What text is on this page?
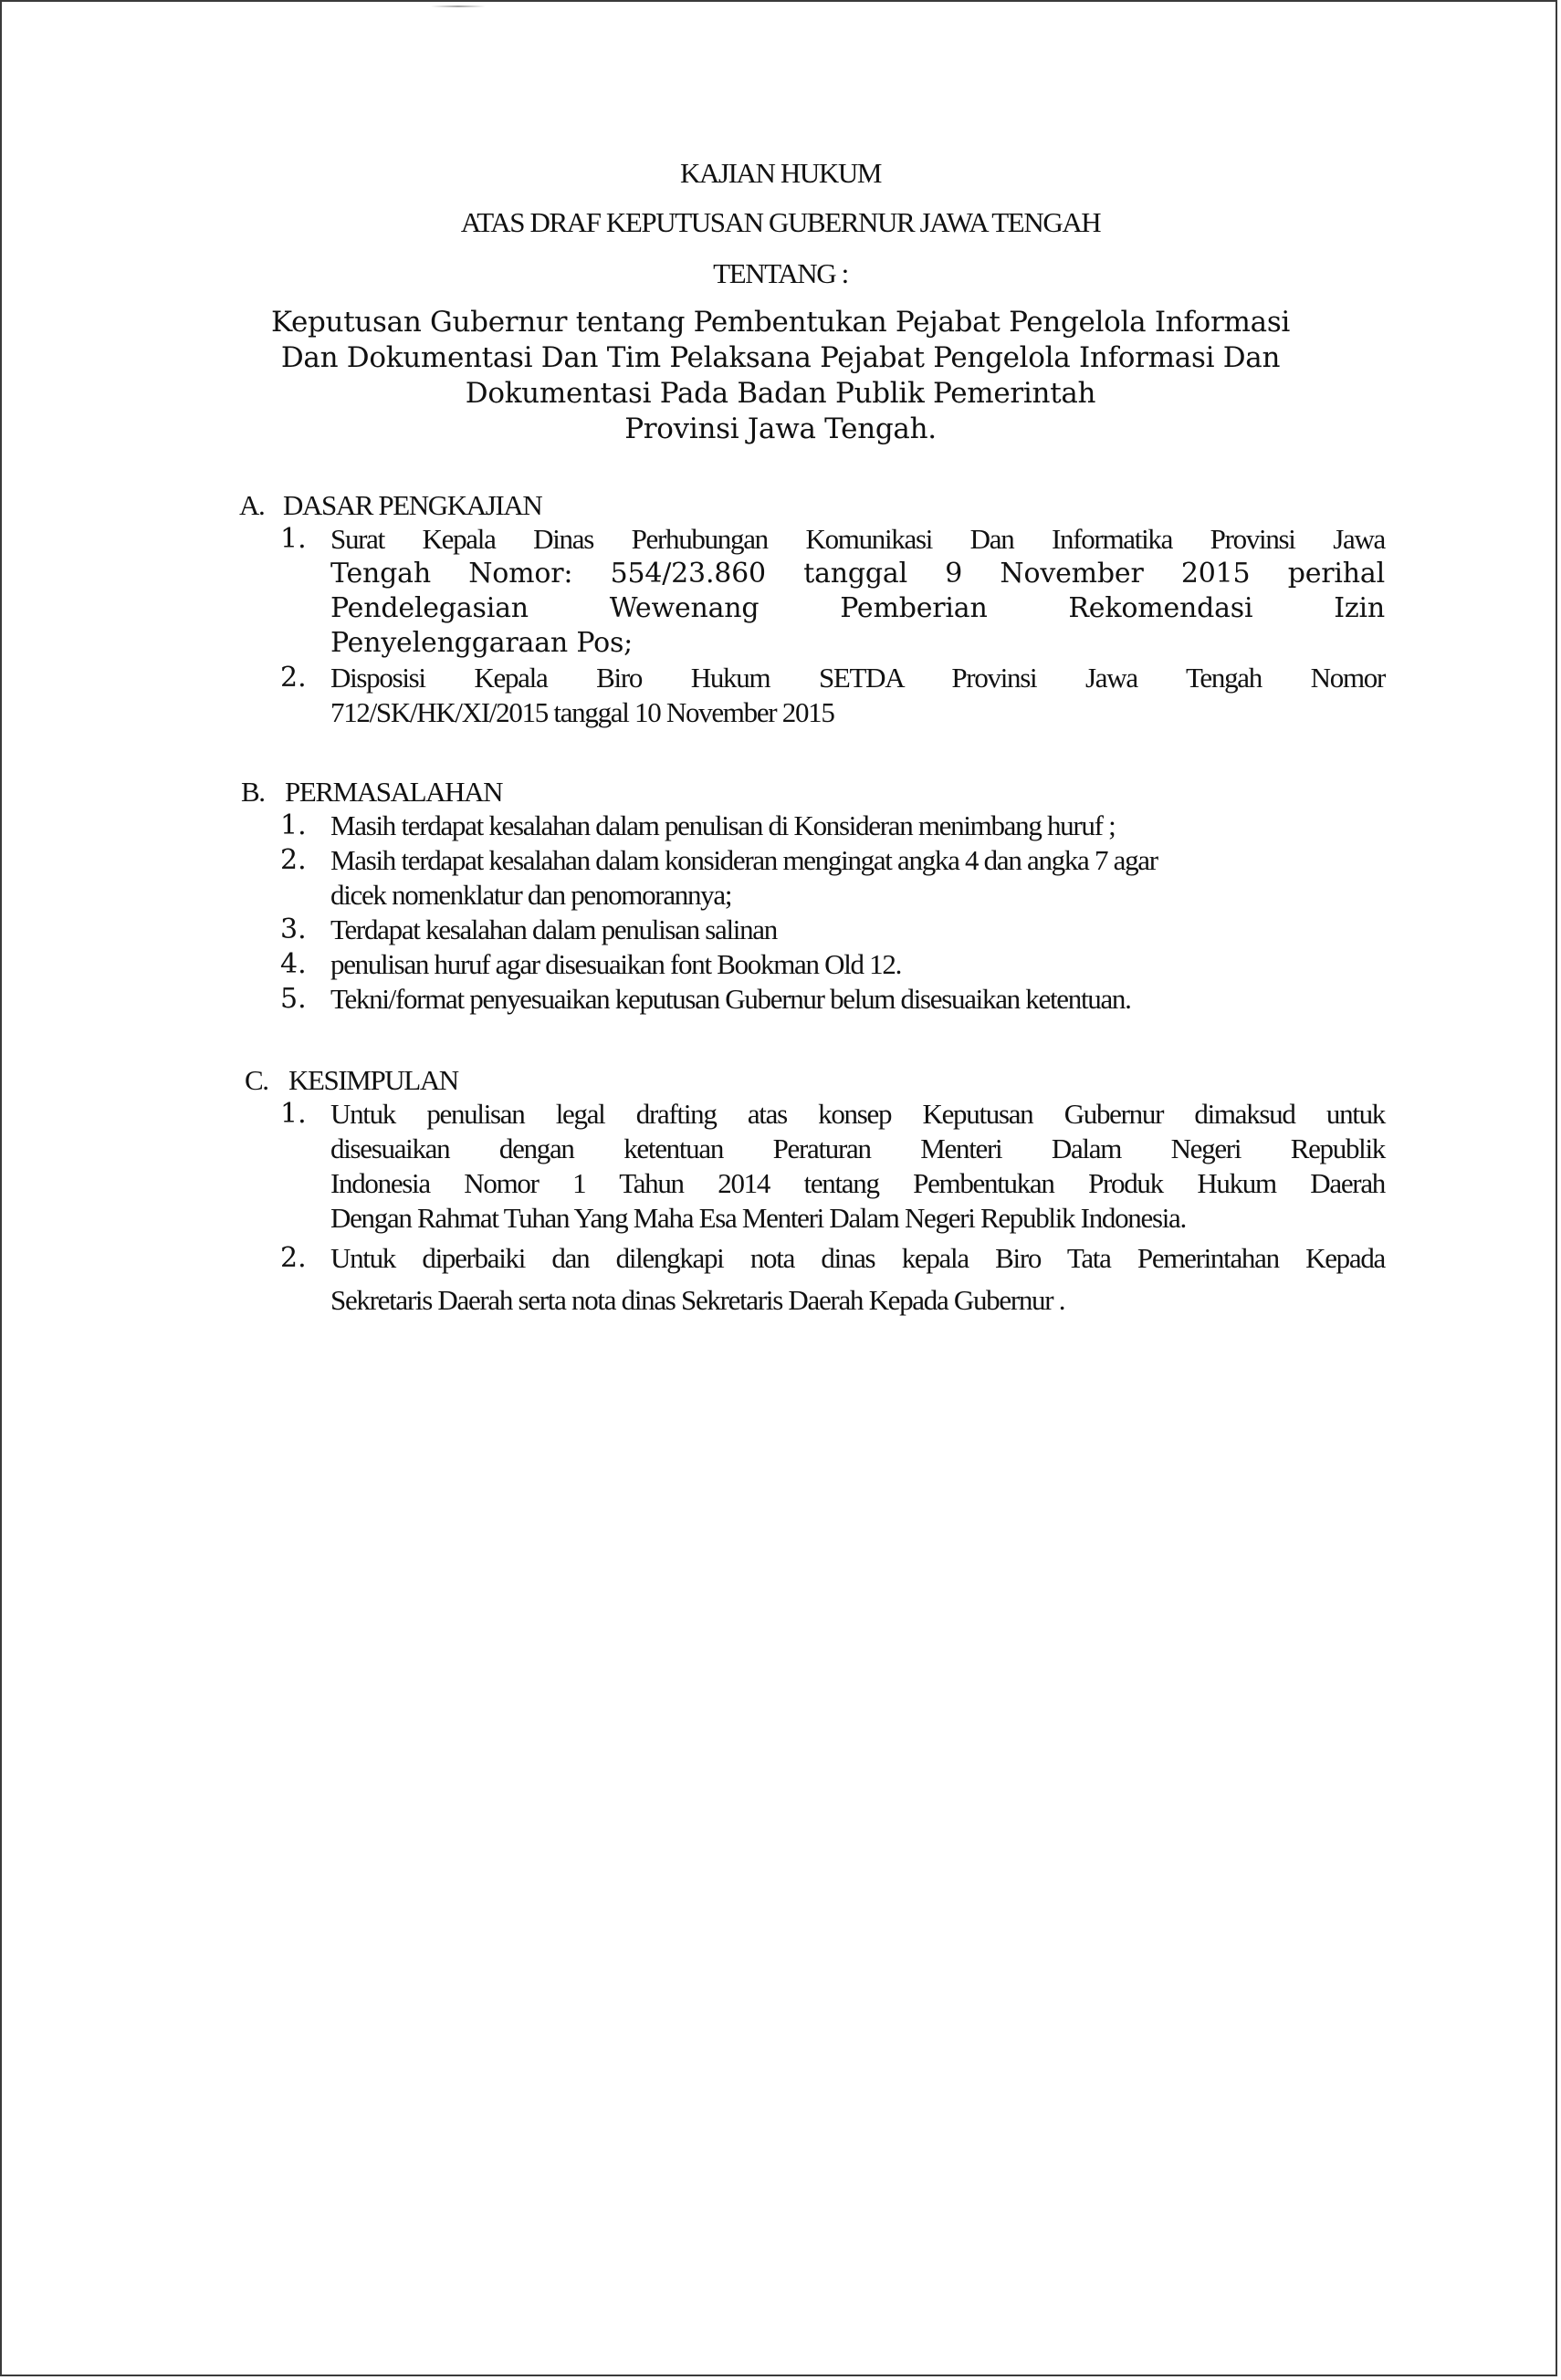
KAJIAN HUKUM
ATAS DRAF KEPUTUSAN GUBERNUR JAWA TENGAH
TENTANG :
Keputusan Gubernur tentang Pembentukan Pejabat Pengelola Informasi
Dan Dokumentasi Dan Tim Pelaksana Pejabat Pengelola Informasi Dan
Dokumentasi Pada Badan Publik Pemerintah
Provinsi Jawa Tengah.
A. DASAR PENGKAJIAN
1. Surat Kepala Dinas Perhubungan Komunikasi Dan Informatika Provinsi Jawa
Tengah Nomor: 554/23.860 tanggal 9 November 2015 perihal
Pendelegasian Wewenang Pemberian Rekomendasi Izin
Penyelenggaraan Pos;
2. Disposisi Kepala Biro Hukum SETDA Provinsi Jawa Tengah Nomor
712/SK/HK/XI/2015 tanggal 10 November 2015
B. PERMASALAHAN
1. Masih terdapat kesalahan dalam penulisan di Konsideran menimbang huruf ;
2. Masih terdapat kesalahan dalam konsideran mengingat angka 4 dan angka 7 agar
dicek nomenklatur dan penomorannya;
3. Terdapat kesalahan dalam penulisan salinan
4. penulisan huruf agar disesuaikan font Bookman Old 12.
5. Tekni/format penyesuaikan keputusan Gubernur belum disesuaikan ketentuan.
C. KESIMPULAN
1. Untuk penulisan legal drafting atas konsep Keputusan Gubernur dimaksud untuk
disesuaikan dengan ketentuan Peraturan Menteri Dalam Negeri Republik
Indonesia Nomor 1 Tahun 2014 tentang Pembentukan Produk Hukum Daerah
Dengan Rahmat Tuhan Yang Maha Esa Menteri Dalam Negeri Republik Indonesia.
2. Untuk diperbaiki dan dilengkapi nota dinas kepala Biro Tata Pemerintahan Kepada
Sekretaris Daerah serta nota dinas Sekretaris Daerah Kepada Gubernur .
